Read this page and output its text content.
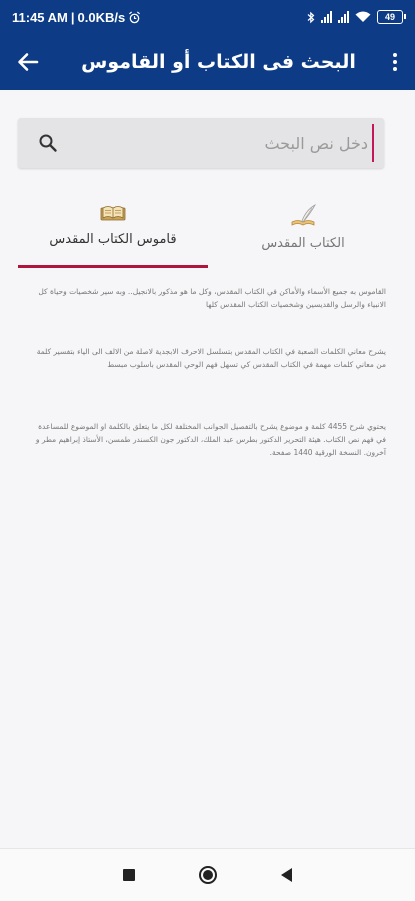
11:45 AM | 0.0KB/s	49
البحث فى الكتاب أو القاموس
دخل نص البحث
الكتاب المقدس
قاموس الكتاب المقدس
القاموس به جميع الأسماء والأماكن في الكتاب المقدس، وكل ما هو مذكور بالانجيل.. وبه سير شخصيات وحياة كل الانبياء والرسل والقديسين وشخصيات الكتاب المقدس كلها
يشرح معاني الكلمات الصعبة في الكتاب المقدس بتسلسل الاحرف الابجدية لاصلة من الالف الى الياء بتفسير كلمة من معاني كلمات مهمة في الكتاب المقدس كي تسهل فهم الوحي المقدس باسلوب مبسط
يحتوي شرح 4455 كلمة و موضوع يشرح بالتفصيل الجوانب المختلفة لكل ما يتعلق بالكلمة او الموضوع للمساعدة في فهم نص الكتاب. هيئة التحرير الدكتور بطرس عبد الملك، الدكتور جون الكسندر طمسن، الأستاذ إبراهيم مطر و آخرون. النسخة الورقية 1440 صفحة.
